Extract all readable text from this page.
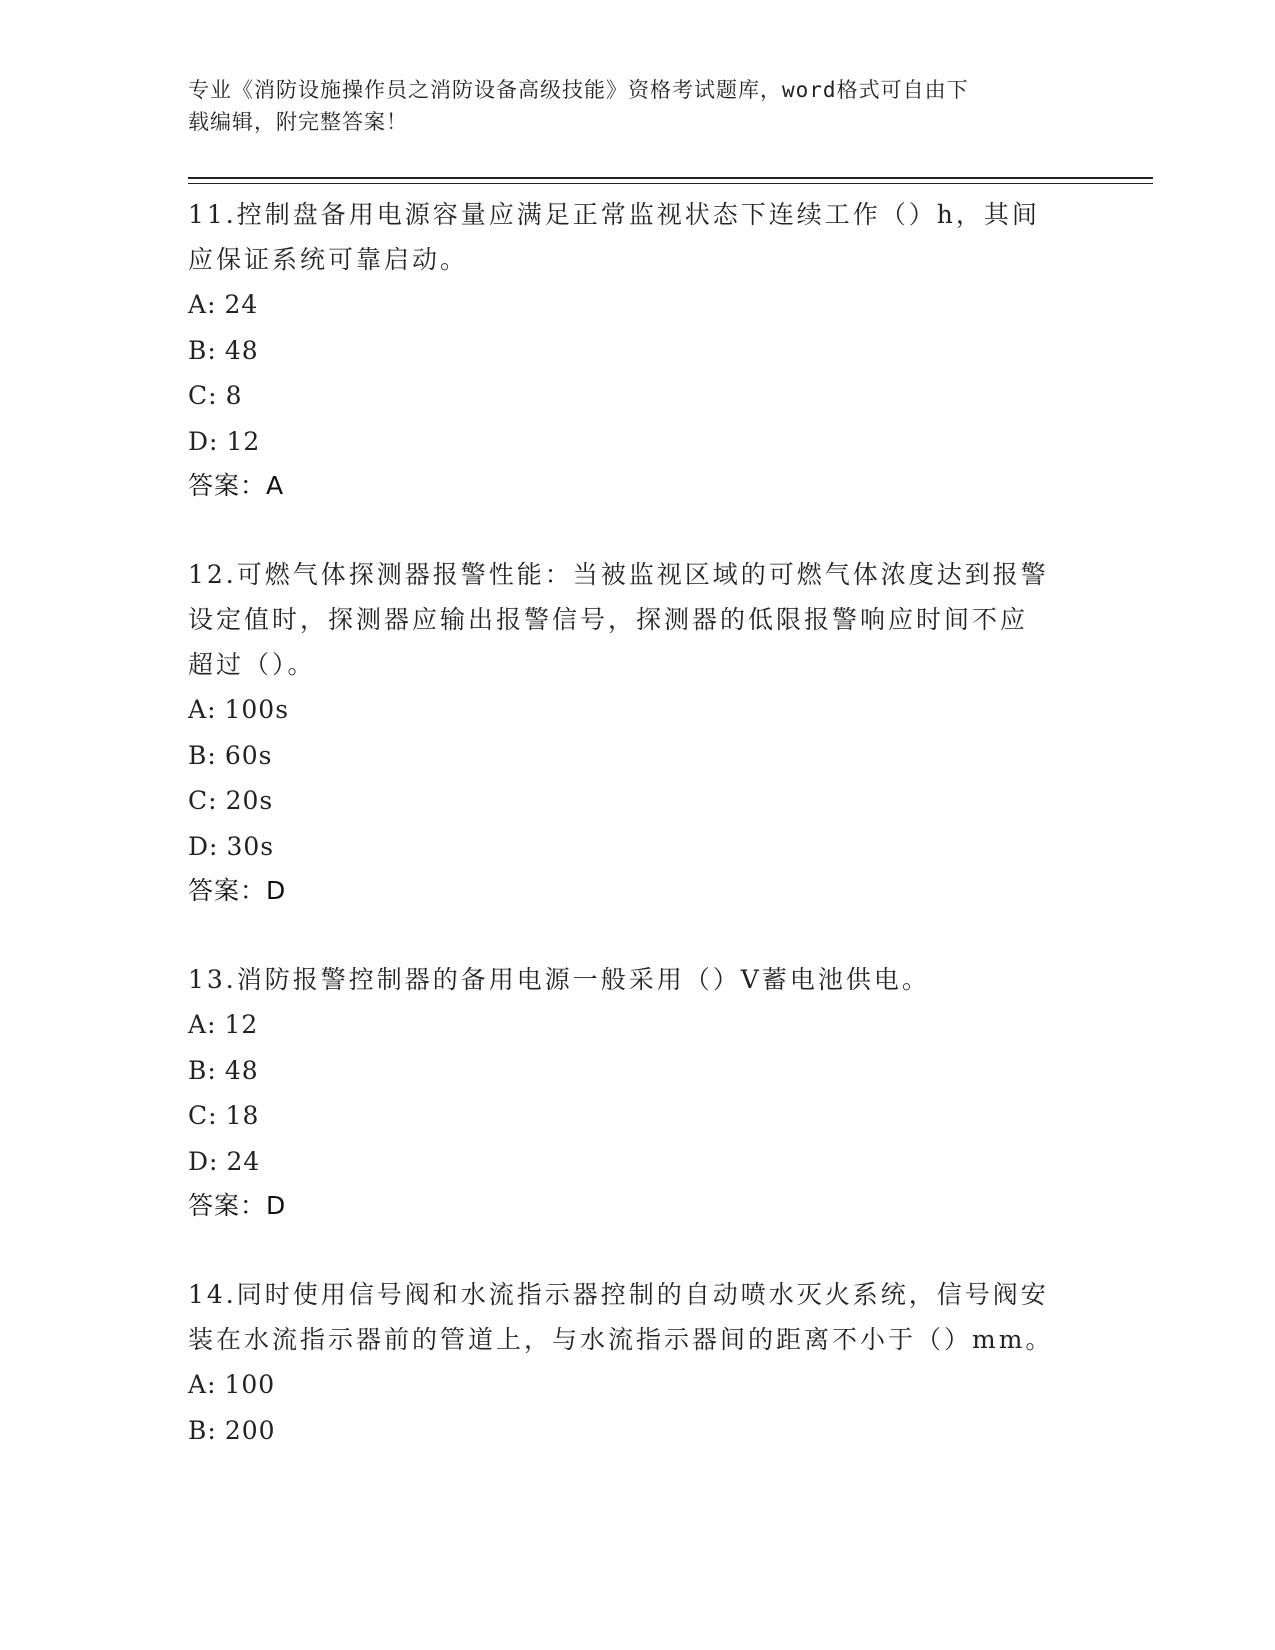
专业《消防设施操作员之消防设备高级技能》资格考试题库，word格式可自由下
载编辑，附完整答案！
11.控制盘备用电源容量应满足正常监视状态下连续工作（）h，其间
应保证系统可靠启动。
A: 24
B: 48
C: 8
D: 12
答案：A
12.可燃气体探测器报警性能：当被监视区域的可燃气体浓度达到报警
设定值时，探测器应输出报警信号，探测器的低限报警响应时间不应
超过（）。
A: 100s
B: 60s
C: 20s
D: 30s
答案：D
13.消防报警控制器的备用电源一般采用（）V蓄电池供电。
A: 12
B: 48
C: 18
D: 24
答案：D
14.同时使用信号阀和水流指示器控制的自动喷水灭火系统，信号阀安
装在水流指示器前的管道上，与水流指示器间的距离不小于（）mm。
A: 100
B: 200
